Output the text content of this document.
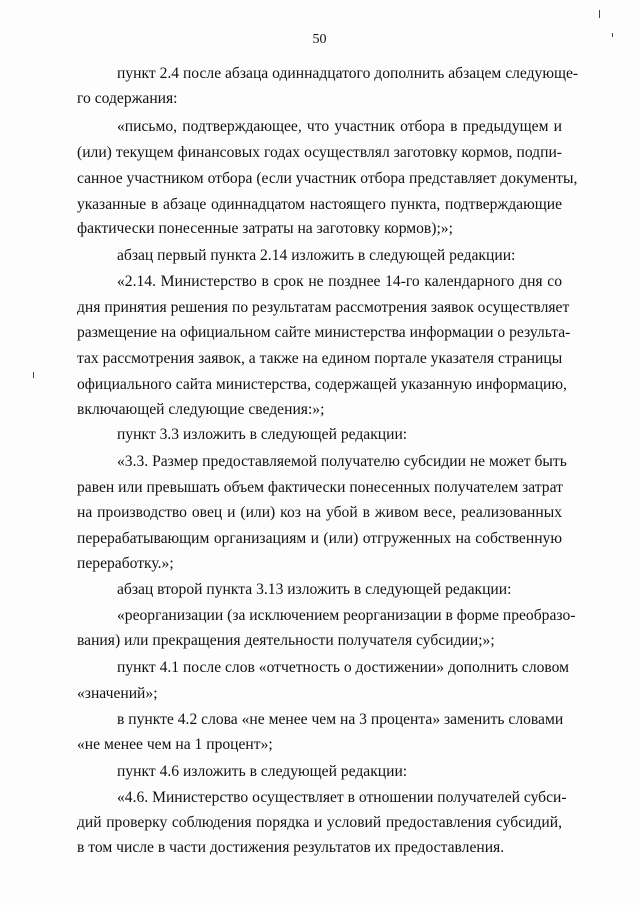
50
пункт 2.4 после абзаца одиннадцатого дополнить абзацем следующе-
го содержания:
«письмо, подтверждающее, что участник отбора в предыдущем и
(или) текущем финансовых годах осуществлял заготовку кормов, подпи-
санное участником отбора (если участник отбора представляет документы,
указанные в абзаце одиннадцатом настоящего пункта, подтверждающие
фактически понесенные затраты на заготовку кормов);»;
абзац первый пункта 2.14 изложить в следующей редакции:
«2.14. Министерство в срок не позднее 14-го календарного дня со
дня принятия решения по результатам рассмотрения заявок осуществляет
размещение на официальном сайте министерства информации о результа-
тах рассмотрения заявок, а также на едином портале указателя страницы
официального сайта министерства, содержащей указанную информацию,
включающей следующие сведения:»;
пункт 3.3 изложить в следующей редакции:
«3.3. Размер предоставляемой получателю субсидии не может быть
равен или превышать объем фактически понесенных получателем затрат
на производство овец и (или) коз на убой в живом весе, реализованных
перерабатывающим организациям и (или) отгруженных на собственную
переработку.»;
абзац второй пункта 3.13 изложить в следующей редакции:
«реорганизации (за исключением реорганизации в форме преобразо-
вания) или прекращения деятельности получателя субсидии;»;
пункт 4.1 после слов «отчетность о достижении» дополнить словом
«значений»;
в пункте 4.2 слова «не менее чем на 3 процента» заменить словами
«не менее чем на 1 процент»;
пункт 4.6 изложить в следующей редакции:
«4.6. Министерство осуществляет в отношении получателей субси-
дий проверку соблюдения порядка и условий предоставления субсидий,
в том числе в части достижения результатов их предоставления.
